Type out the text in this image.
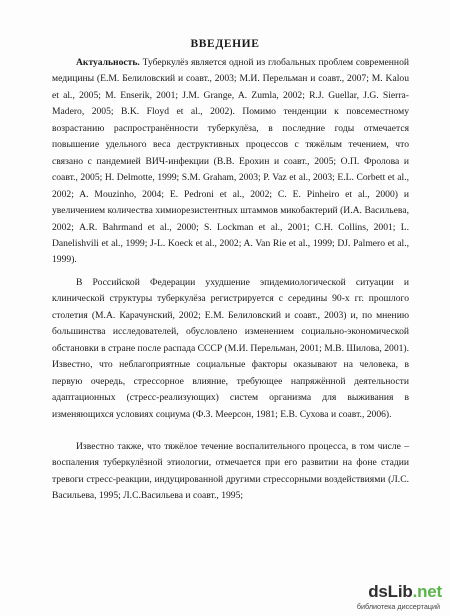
ВВЕДЕНИЕ

Актуальность. Туберкулёз является одной из глобальных проблем современной медицины (Е.М. Белиловский и соавт., 2003; М.И. Перельман и соавт., 2007; M. Kalou et al., 2005; M. Enserik, 2001; J.M. Grange, A. Zumla, 2002; R.J. Guellar, J.G. Sierra-Madero, 2005; B.K. Floyd et al., 2002). Помимо тенденции к повсеместному возрастанию распространённости туберкулёза, в последние годы отмечается повышение удельного веса деструктивных процессов с тяжёлым течением, что связано с пандемией ВИЧ-инфекции (В.В. Ерохин и соавт., 2005; О.П. Фролова и соавт., 2005; H. Delmotte, 1999; S.M. Graham, 2003; P. Vaz et al., 2003; E.L. Corbett et al., 2002; A. Mouzinho, 2004; E. Pedroni et al., 2002; C. E. Pinheiro et al., 2000) и увеличением количества химиорезистентных штаммов микобактерий (И.А. Васильева, 2002; A.R. Bahrmand et al., 2000; S. Lockman et al., 2001; C.H. Collins, 2001; L. Danelishvili et al., 1999; J-L. Koeck et al., 2002; A. Van Rie et al., 1999; DJ. Palmero et al., 1999).

В Российской Федерации ухудшение эпидемиологической ситуации и клинической структуры туберкулёза регистрируется с середины 90-х гг. прошлого столетия (М.А. Карачунский, 2002; Е.М. Белиловский и соавт., 2003) и, по мнению большинства исследователей, обусловлено изменением социально-экономической обстановки в стране после распада СССР (М.И. Перельман, 2001; М.В. Шилова, 2001). Известно, что неблагоприятные социальные факторы оказывают на человека, в первую очередь, стрессорное влияние, требующее напряжённой деятельности адаптационных (стресс-реализующих) систем организма для выживания в изменяющихся условиях социума (Ф.З. Меерсон, 1981; Е.В. Сухова и соавт., 2006).

Известно также, что тяжёлое течение воспалительного процесса, в том числе – воспаления туберкулёзной этиологии, отмечается при его развитии на фоне стадии тревоги стресс-реакции, индуцированной другими стрессорными воздействиями (Л.С. Васильева, 1995; Л.С.Васильева и соавт., 1995;

dsLib.net
библиотека диссертаций
